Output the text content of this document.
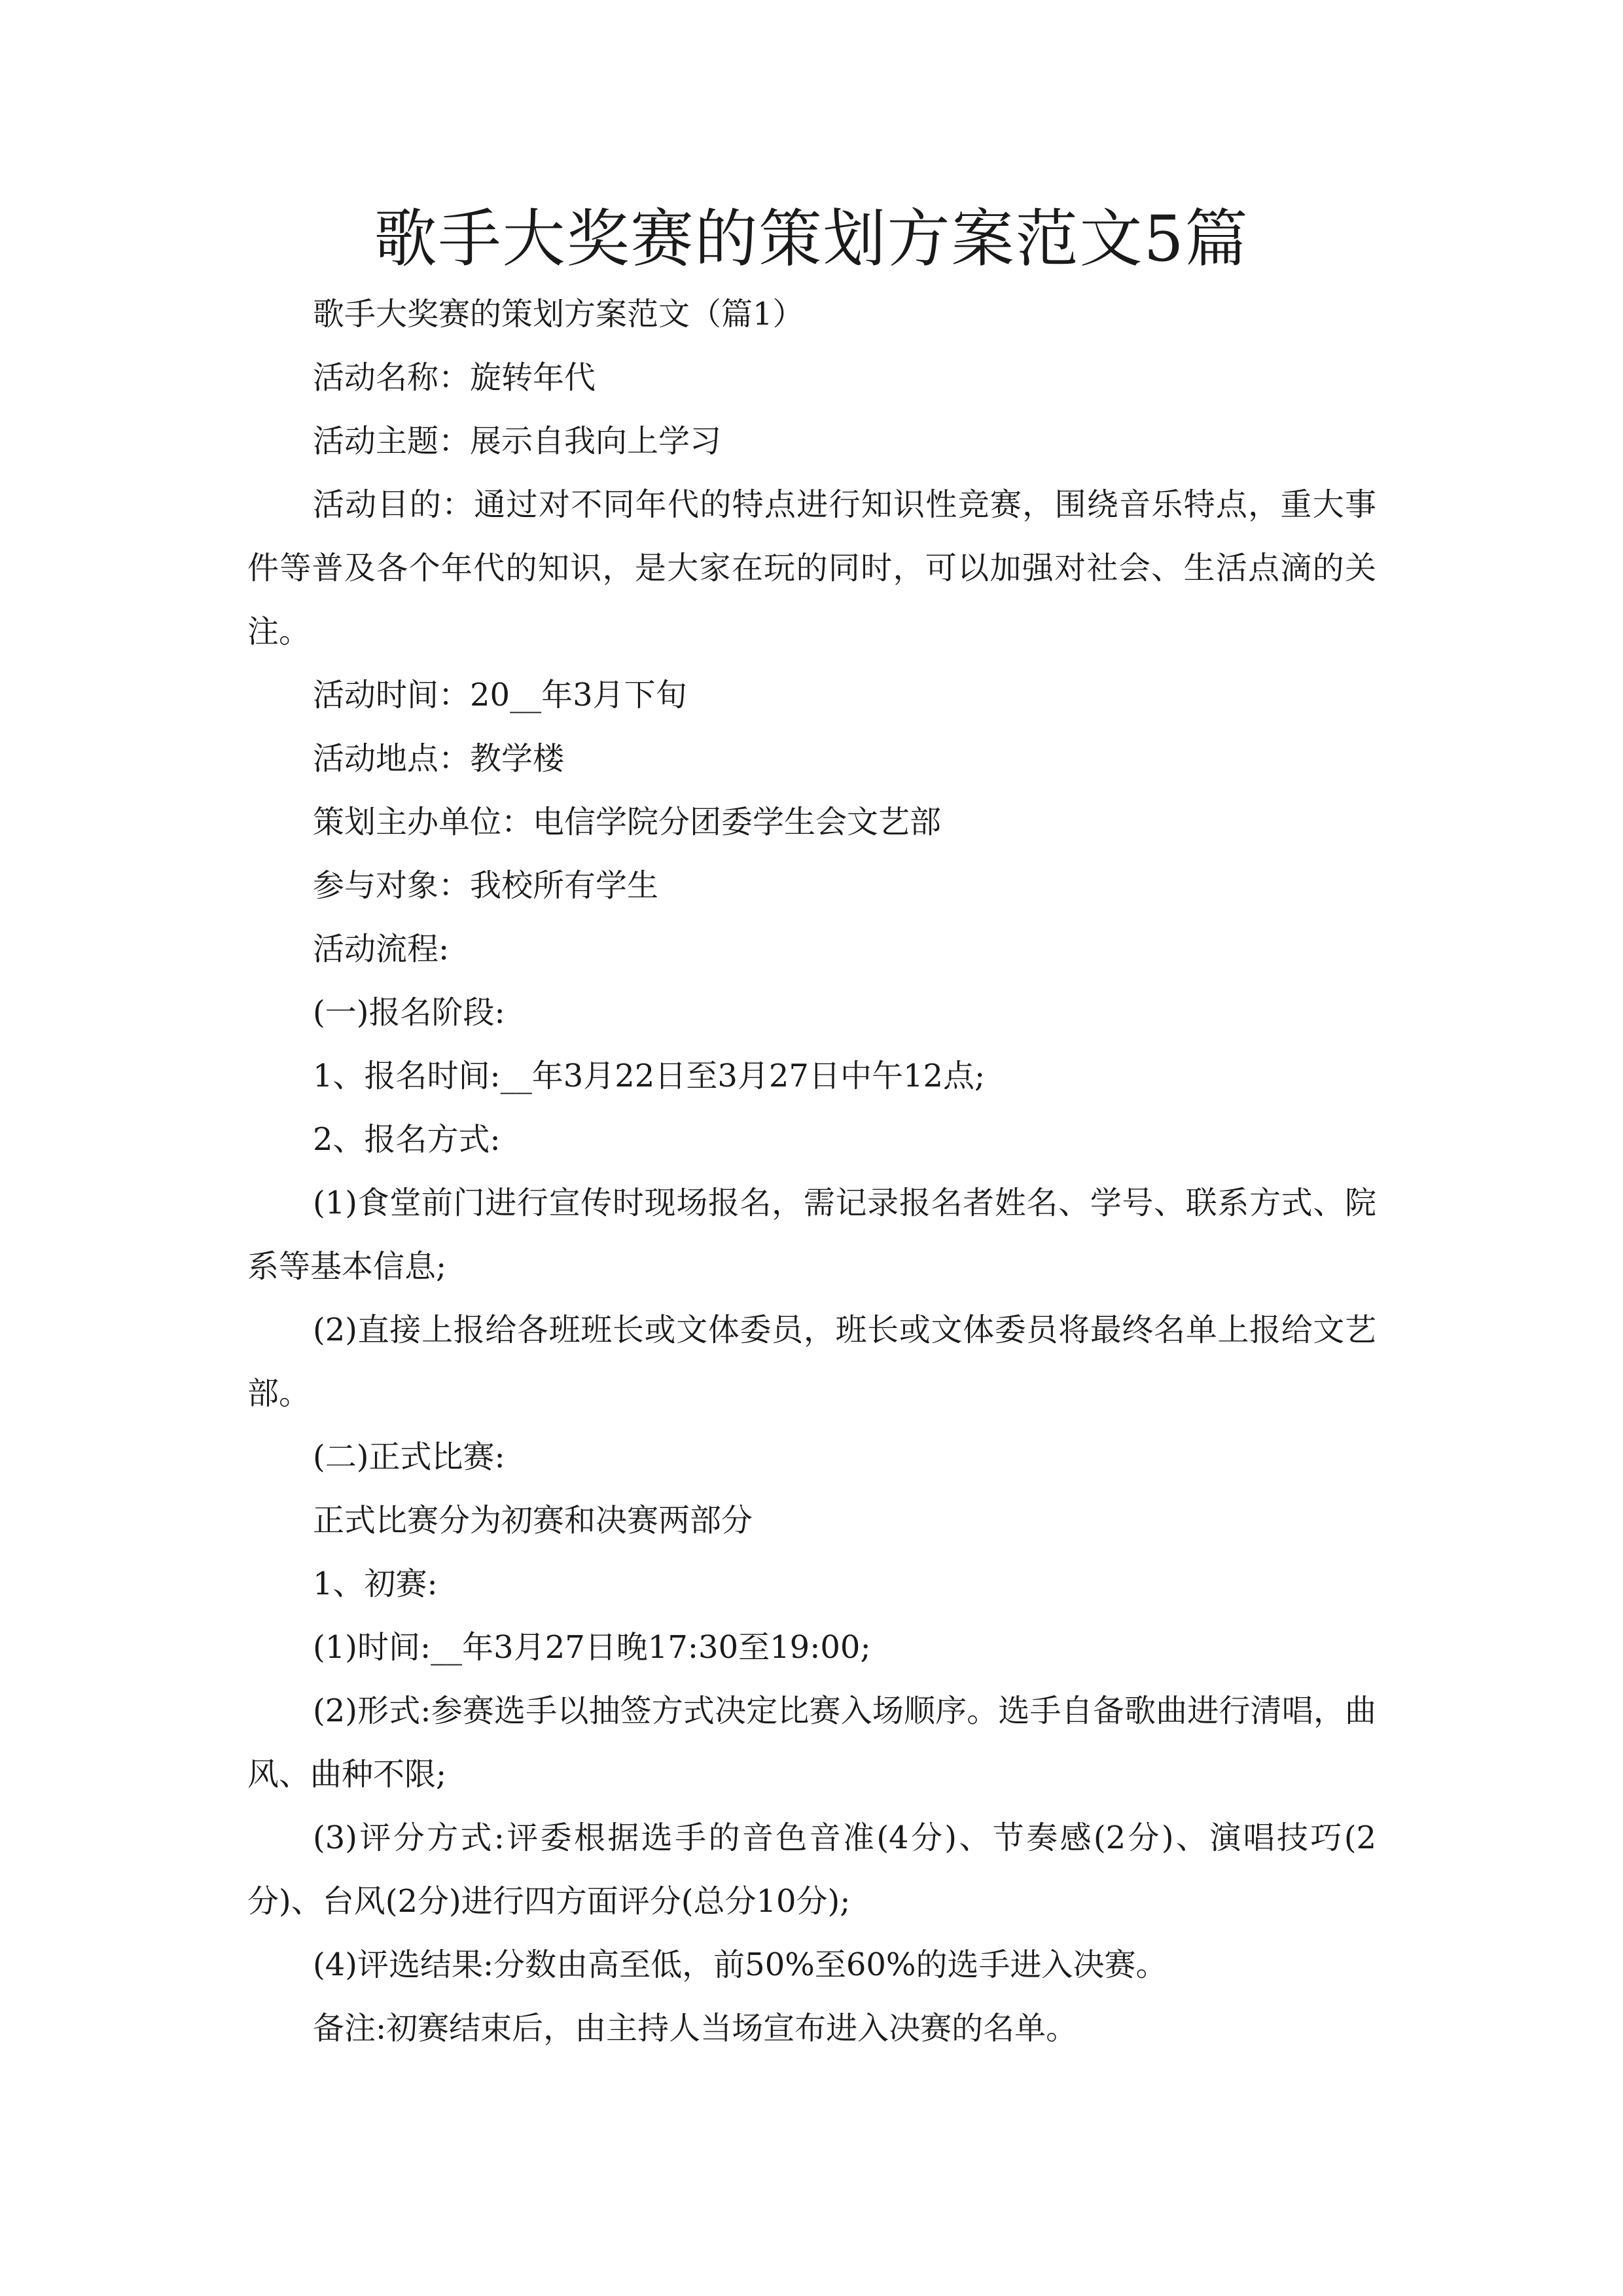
歌手大奖赛的策划方案范文5篇

歌手大奖赛的策划方案范文（篇1）

活动名称：旋转年代

活动主题：展示自我向上学习

活动目的：通过对不同年代的特点进行知识性竞赛，围绕音乐特点，重大事件等普及各个年代的知识，是大家在玩的同时，可以加强对社会、生活点滴的关注。

活动时间：20__年3月下旬

活动地点：教学楼

策划主办单位：电信学院分团委学生会文艺部

参与对象：我校所有学生

活动流程:

(一)报名阶段:

1、报名时间:__年3月22日至3月27日中午12点;

2、报名方式:

(1)食堂前门进行宣传时现场报名，需记录报名者姓名、学号、联系方式、院系等基本信息;

(2)直接上报给各班班长或文体委员，班长或文体委员将最终名单上报给文艺部。

(二)正式比赛:

正式比赛分为初赛和决赛两部分

1、初赛:

(1)时间:__年3月27日晚17:30至19:00;

(2)形式:参赛选手以抽签方式决定比赛入场顺序。选手自备歌曲进行清唱，曲风、曲种不限;

(3)评分方式:评委根据选手的音色音准(4分)、节奏感(2分)、演唱技巧(2分)、台风(2分)进行四方面评分(总分10分);

(4)评选结果:分数由高至低，前50%至60%的选手进入决赛。

备注:初赛结束后，由主持人当场宣布进入决赛的名单。
